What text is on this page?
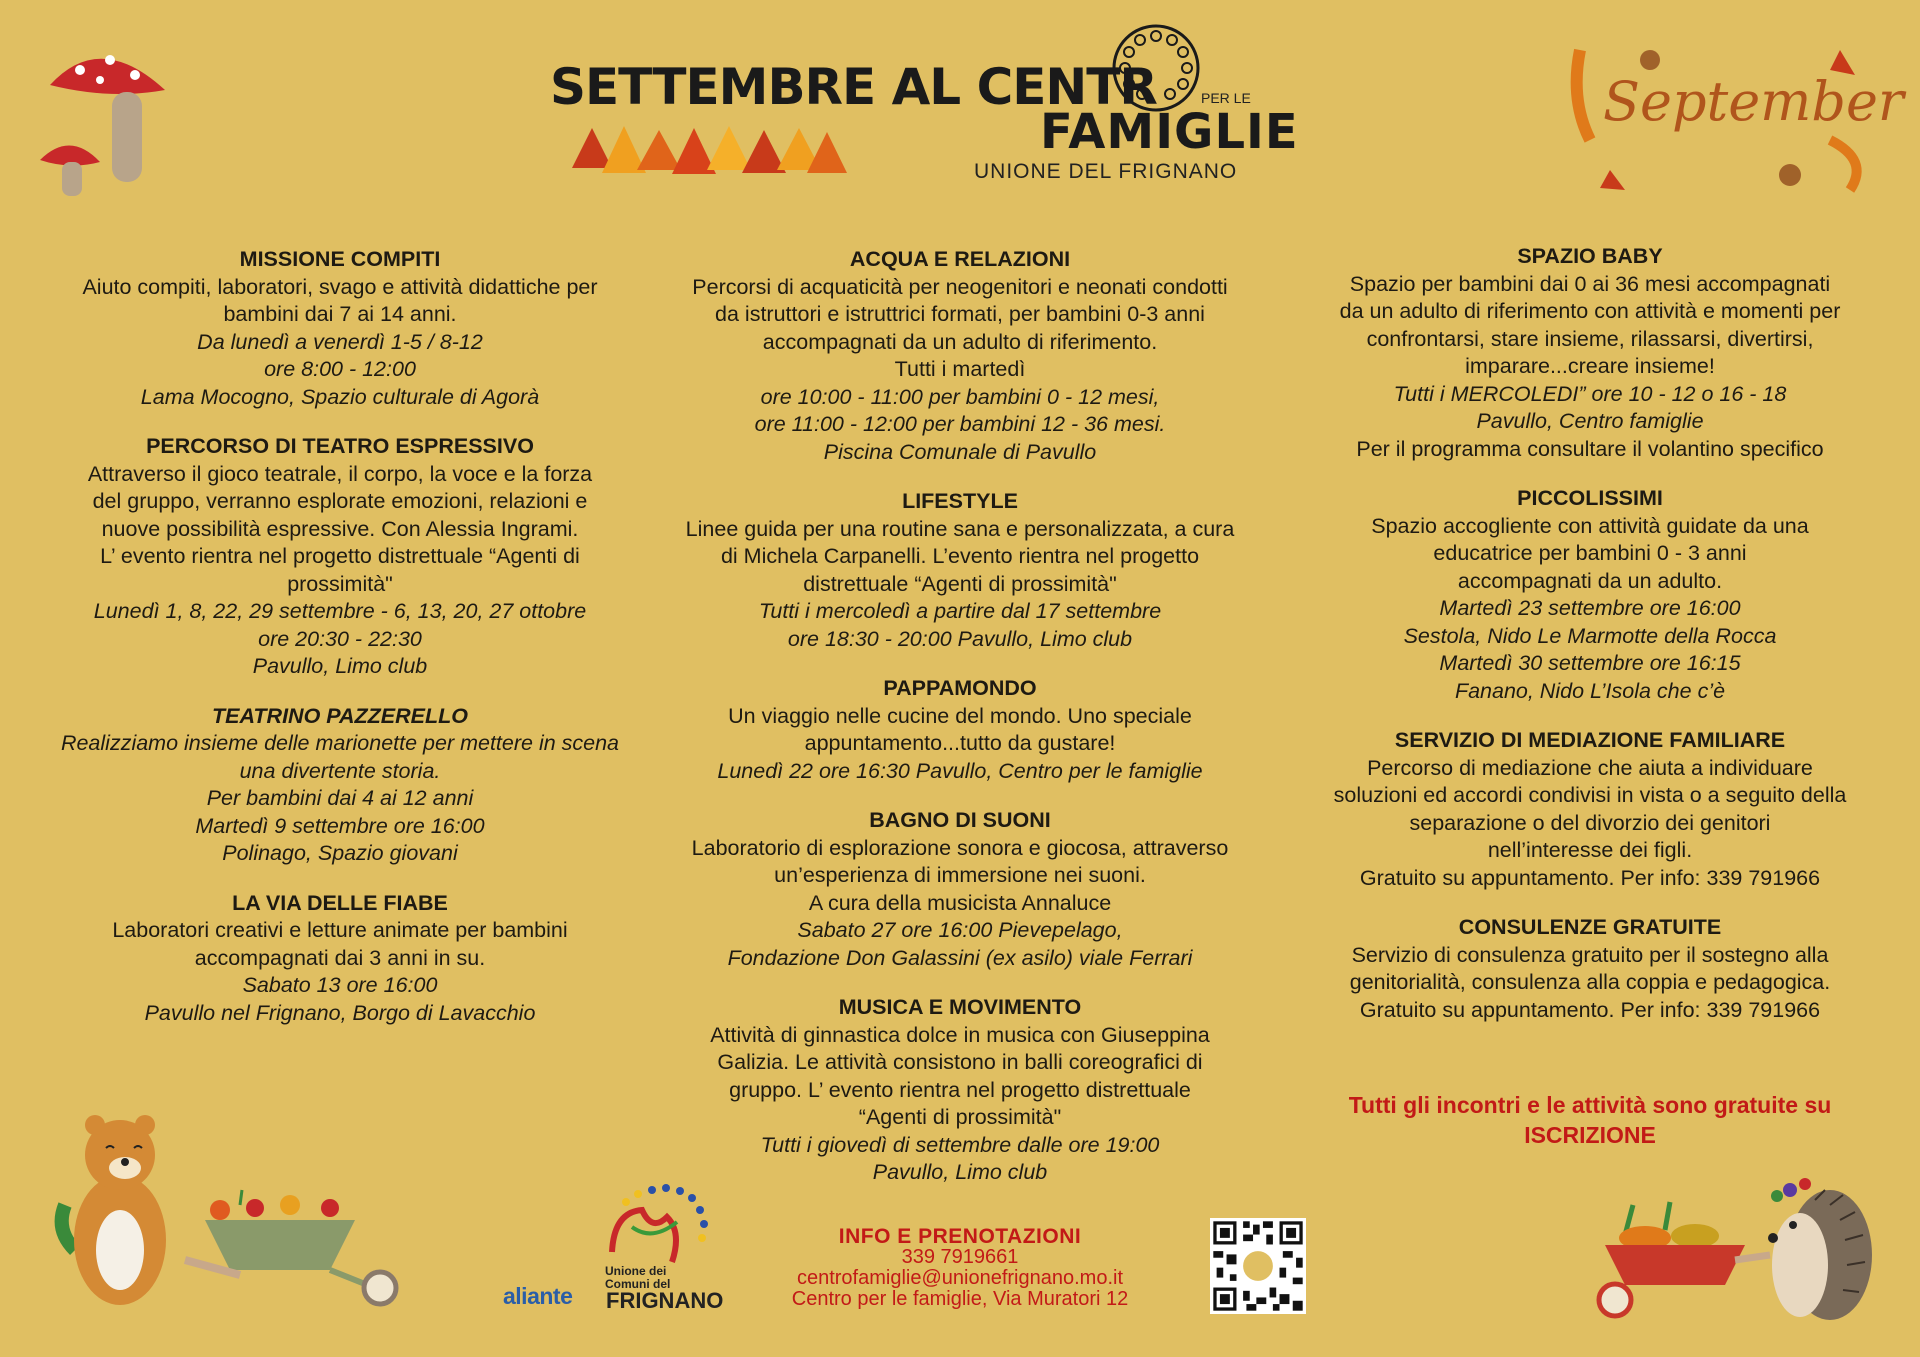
SETTEMBRE AL CENTR	PER LE
FAMIGLIE
UNIONE DEL FRIGNANO
September
MISSIONE COMPITI
Aiuto compiti, laboratori, svago e attività didattiche per
bambini dai 7 ai 14 anni.
Da lunedì a venerdì 1-5 / 8-12
ore 8:00 - 12:00
Lama Mocogno, Spazio culturale di Agorà
PERCORSO DI TEATRO ESPRESSIVO
Attraverso il gioco teatrale, il corpo, la voce e la forza
del gruppo, verranno esplorate emozioni, relazioni e
nuove possibilità espressive. Con Alessia Ingrami.
L’ evento rientra nel progetto distrettuale “Agenti di
prossimità"
Lunedì 1, 8, 22, 29 settembre - 6, 13, 20, 27 ottobre
ore 20:30 - 22:30
Pavullo, Limo club
TEATRINO PAZZERELLO
Realizziamo insieme delle marionette per mettere in scena
una divertente storia.
Per bambini dai 4 ai 12 anni
Martedì 9 settembre ore 16:00
Polinago, Spazio giovani
LA VIA DELLE FIABE
Laboratori creativi e letture animate per bambini
accompagnati dai 3 anni in su.
Sabato 13 ore 16:00
Pavullo nel Frignano, Borgo di Lavacchio
ACQUA E RELAZIONI
Percorsi di acquaticità per neogenitori e neonati condotti
da istruttori e istruttrici formati, per bambini 0-3 anni
accompagnati da un adulto di riferimento.
Tutti i martedì
ore 10:00 - 11:00 per bambini 0 - 12 mesi,
ore 11:00 - 12:00 per bambini 12 - 36 mesi.
Piscina Comunale di Pavullo
LIFESTYLE
Linee guida per una routine sana e personalizzata, a cura
di Michela Carpanelli. L’evento rientra nel progetto
distrettuale “Agenti di prossimità"
Tutti i mercoledì a partire dal 17 settembre
ore 18:30 - 20:00 Pavullo, Limo club
PAPPAMONDO
Un viaggio nelle cucine del mondo. Uno speciale
appuntamento...tutto da gustare!
Lunedì 22 ore 16:30 Pavullo, Centro per le famiglie
BAGNO DI SUONI
Laboratorio di esplorazione sonora e giocosa, attraverso
un’esperienza di immersione nei suoni.
A cura della musicista Annaluce
Sabato 27 ore 16:00 Pievepelago,
Fondazione Don Galassini (ex asilo) viale Ferrari
MUSICA E MOVIMENTO
Attività di ginnastica dolce in musica con Giuseppina
Galizia. Le attività consistono in balli coreografici di
gruppo. L’ evento rientra nel progetto distrettuale
“Agenti di prossimità"
Tutti i giovedì di settembre dalle ore 19:00
Pavullo, Limo club
SPAZIO BABY
Spazio per bambini dai 0 ai 36 mesi accompagnati
da un adulto di riferimento con attività e momenti per
confrontarsi, stare insieme, rilassarsi, divertirsi,
imparare...creare insieme!
Tutti i MERCOLEDI” ore 10 - 12 o 16 - 18
Pavullo, Centro famiglie
Per il programma consultare il volantino specifico
PICCOLISSIMI
Spazio accogliente con attività guidate da una
educatrice per bambini 0 - 3 anni
accompagnati da un adulto.
Martedì 23 settembre ore 16:00
Sestola, Nido Le Marmotte della Rocca
Martedì 30 settembre ore 16:15
Fanano, Nido L’Isola che c’è
SERVIZIO DI MEDIAZIONE FAMILIARE
Percorso di mediazione che aiuta a individuare
soluzioni ed accordi condivisi in vista o a seguito della
separazione o del divorzio dei genitori
nell’interesse dei figli.
Gratuito su appuntamento. Per info: 339 791966
CONSULENZE GRATUITE
Servizio di consulenza gratuito per il sostegno alla
genitorialità, consulenza alla coppia e pedagogica.
Gratuito su appuntamento. Per info: 339 791966
Tutti gli incontri e le attività sono gratuite su
ISCRIZIONE
INFO E PRENOTAZIONI
339 7919661
centrofamiglie@unionefrignano.mo.it
Centro per le famiglie, Via Muratori 12
aliante
Unione dei
Comuni del
FRIGNANO
